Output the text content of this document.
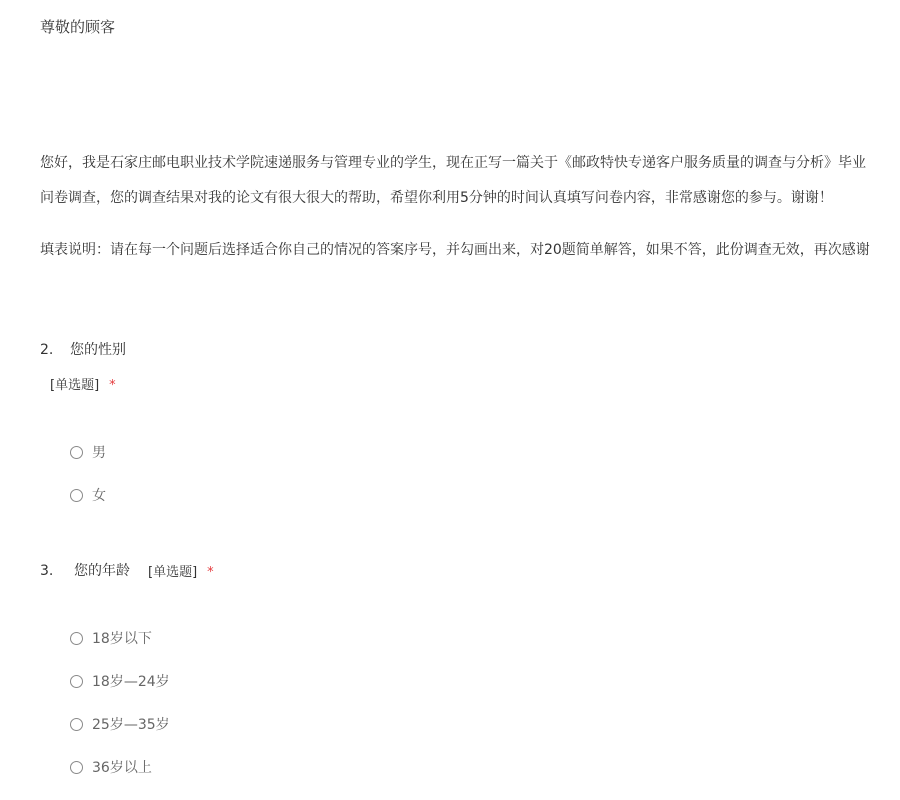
尊敬的顾客
您好，我是石家庄邮电职业技术学院速递服务与管理专业的学生，现在正写一篇关于《邮政特快专递客户服务质量的调查与分析》毕业
问卷调查，您的调查结果对我的论文有很大很大的帮助，希望你利用5分钟的时间认真填写问卷内容，非常感谢您的参与。谢谢！
填表说明：请在每一个问题后选择适合你自己的情况的答案序号，并勾画出来，对20题简单解答，如果不答，此份调查无效，再次感谢
2. 您的性别
[单选题] *
男
女
3. 您的年龄 [单选题] *
18岁以下
18岁—24岁
25岁—35岁
36岁以上
